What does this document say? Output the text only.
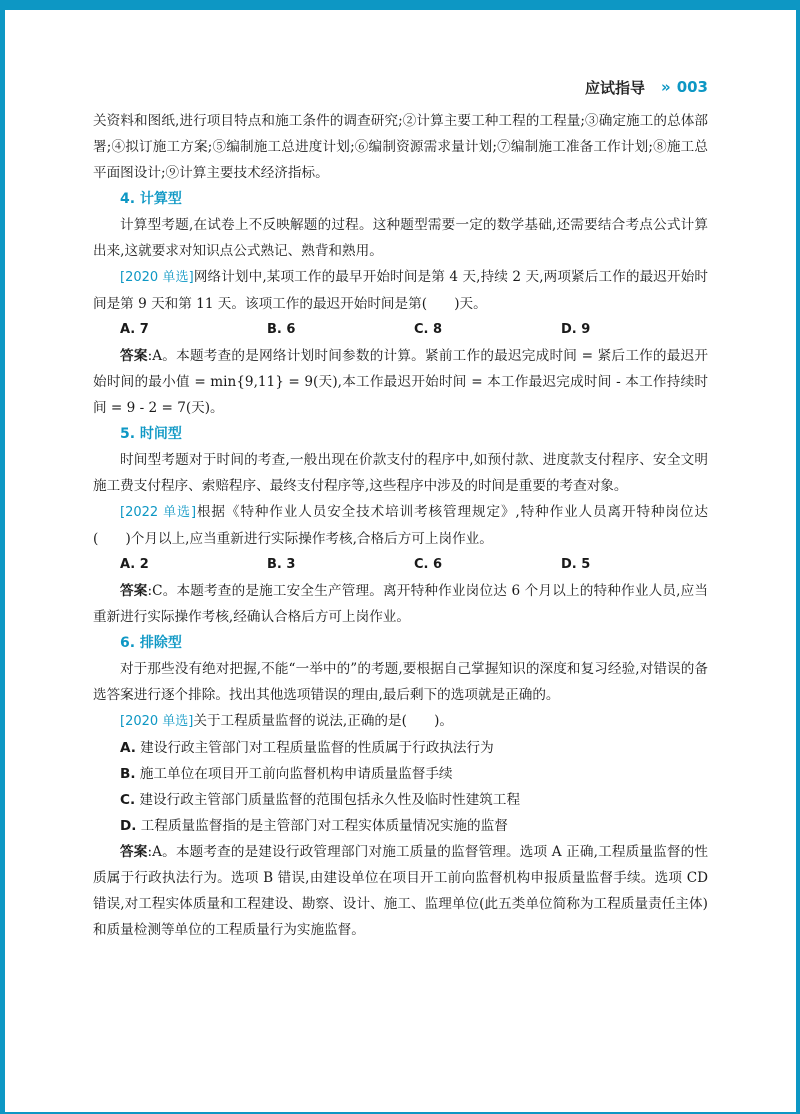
应试指导 » 003

关资料和图纸,进行项目特点和施工条件的调查研究;②计算主要工种工程的工程量;③确定施工的总体部署;④拟订施工方案;⑤编制施工总进度计划;⑥编制资源需求量计划;⑦编制施工准备工作计划;⑧施工总平面图设计;⑨计算主要技术经济指标。

4. 计算型

计算型考题,在试卷上不反映解题的过程。这种题型需要一定的数学基础,还需要结合考点公式计算出来,这就要求对知识点公式熟记、熟背和熟用。

[2020 单选]网络计划中,某项工作的最早开始时间是第 4 天,持续 2 天,两项紧后工作的最迟开始时间是第 9 天和第 11 天。该项工作的最迟开始时间是第(　　)天。

A. 7	B. 6	C. 8	D. 9

答案:A。本题考查的是网络计划时间参数的计算。紧前工作的最迟完成时间 = 紧后工作的最迟开始时间的最小值 = min{9,11} = 9(天),本工作最迟开始时间 = 本工作最迟完成时间 - 本工作持续时间 = 9 - 2 = 7(天)。

5. 时间型

时间型考题对于时间的考查,一般出现在价款支付的程序中,如预付款、进度款支付程序、安全文明施工费支付程序、索赔程序、最终支付程序等,这些程序中涉及的时间是重要的考查对象。

[2022 单选]根据《特种作业人员安全技术培训考核管理规定》,特种作业人员离开特种岗位达(　　)个月以上,应当重新进行实际操作考核,合格后方可上岗作业。

A. 2	B. 3	C. 6	D. 5

答案:C。本题考查的是施工安全生产管理。离开特种作业岗位达 6 个月以上的特种作业人员,应当重新进行实际操作考核,经确认合格后方可上岗作业。

6. 排除型

对于那些没有绝对把握,不能“一举中的”的考题,要根据自己掌握知识的深度和复习经验,对错误的备选答案进行逐个排除。找出其他选项错误的理由,最后剩下的选项就是正确的。

[2020 单选]关于工程质量监督的说法,正确的是(　　)。

A. 建设行政主管部门对工程质量监督的性质属于行政执法行为

B. 施工单位在项目开工前向监督机构申请质量监督手续

C. 建设行政主管部门质量监督的范围包括永久性及临时性建筑工程

D. 工程质量监督指的是主管部门对工程实体质量情况实施的监督

答案:A。本题考查的是建设行政管理部门对施工质量的监督管理。选项 A 正确,工程质量监督的性质属于行政执法行为。选项 B 错误,由建设单位在项目开工前向监督机构申报质量监督手续。选项 CD 错误,对工程实体质量和工程建设、勘察、设计、施工、监理单位(此五类单位简称为工程质量责任主体)和质量检测等单位的工程质量行为实施监督。
